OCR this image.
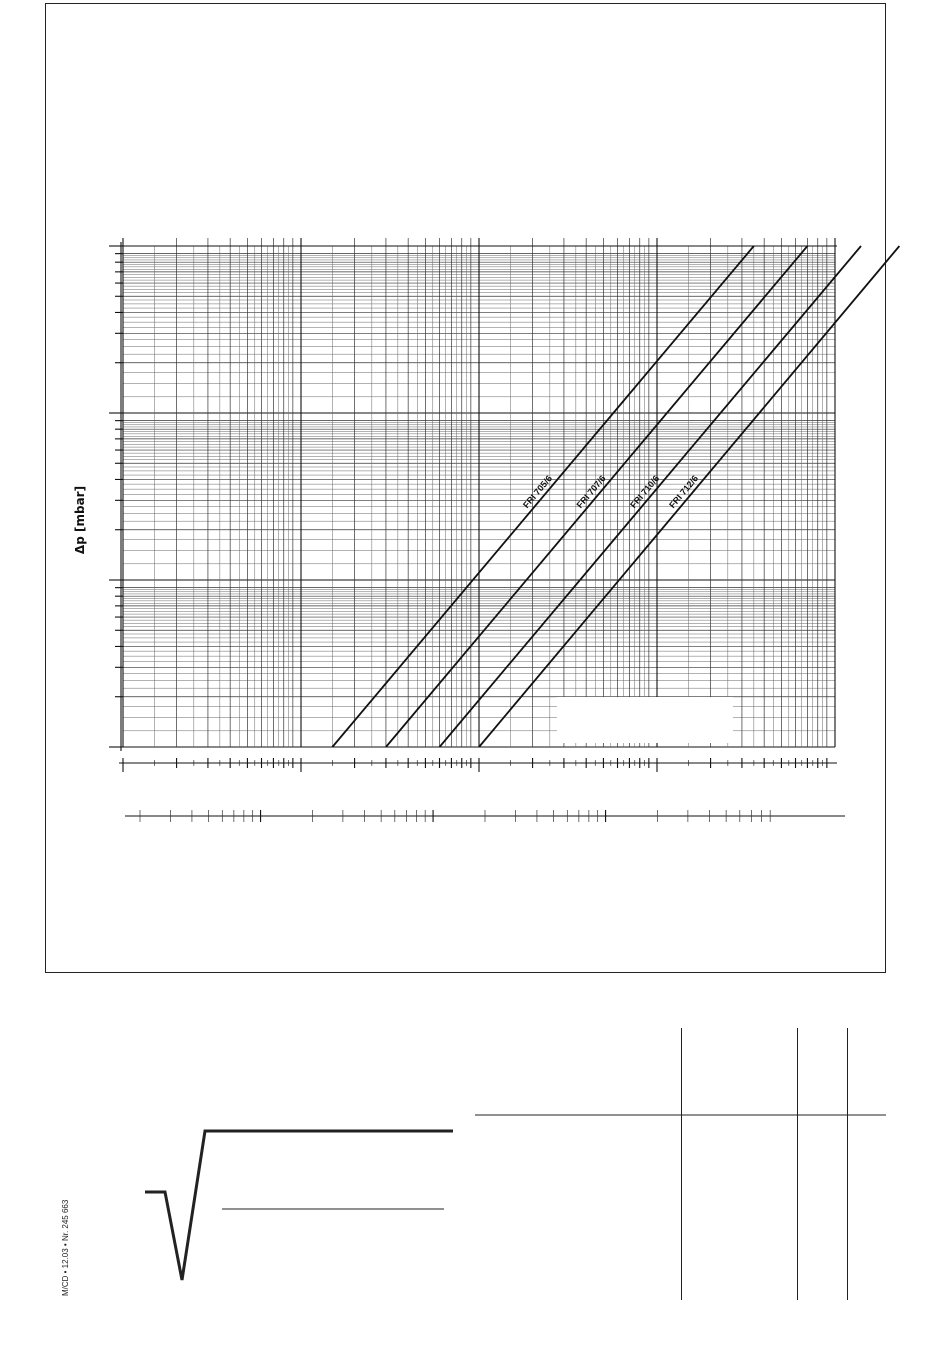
FRI 705/6 FRI 707/6 FRI 710/6 FRI 712/6
Δp [mbar]
M/CD • 12.03 • Nr. 245 663
